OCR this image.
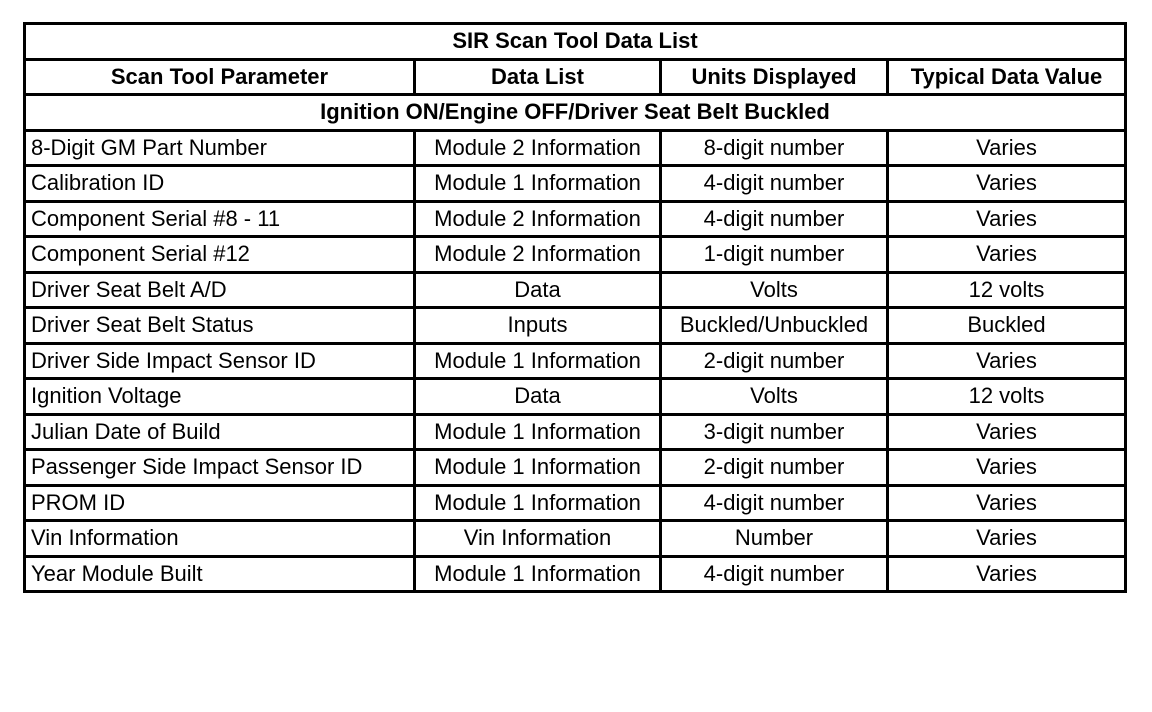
SIR Scan Tool Data List			
Scan Tool Parameter	Data List	Units Displayed	Typical Data Value
Ignition ON/Engine OFF/Driver Seat Belt Buckled			
8-Digit GM Part Number	Module 2 Information	8-digit number	Varies
Calibration ID	Module 1 Information	4-digit number	Varies
Component Serial #8 - 11	Module 2 Information	4-digit number	Varies
Component Serial #12	Module 2 Information	1-digit number	Varies
Driver Seat Belt A/D	Data	Volts	12 volts
Driver Seat Belt Status	Inputs	Buckled/Unbuckled	Buckled
Driver Side Impact Sensor ID	Module 1 Information	2-digit number	Varies
Ignition Voltage	Data	Volts	12 volts
Julian Date of Build	Module 1 Information	3-digit number	Varies
Passenger Side Impact Sensor ID	Module 1 Information	2-digit number	Varies
PROM ID	Module 1 Information	4-digit number	Varies
Vin Information	Vin Information	Number	Varies
Year Module Built	Module 1 Information	4-digit number	Varies
